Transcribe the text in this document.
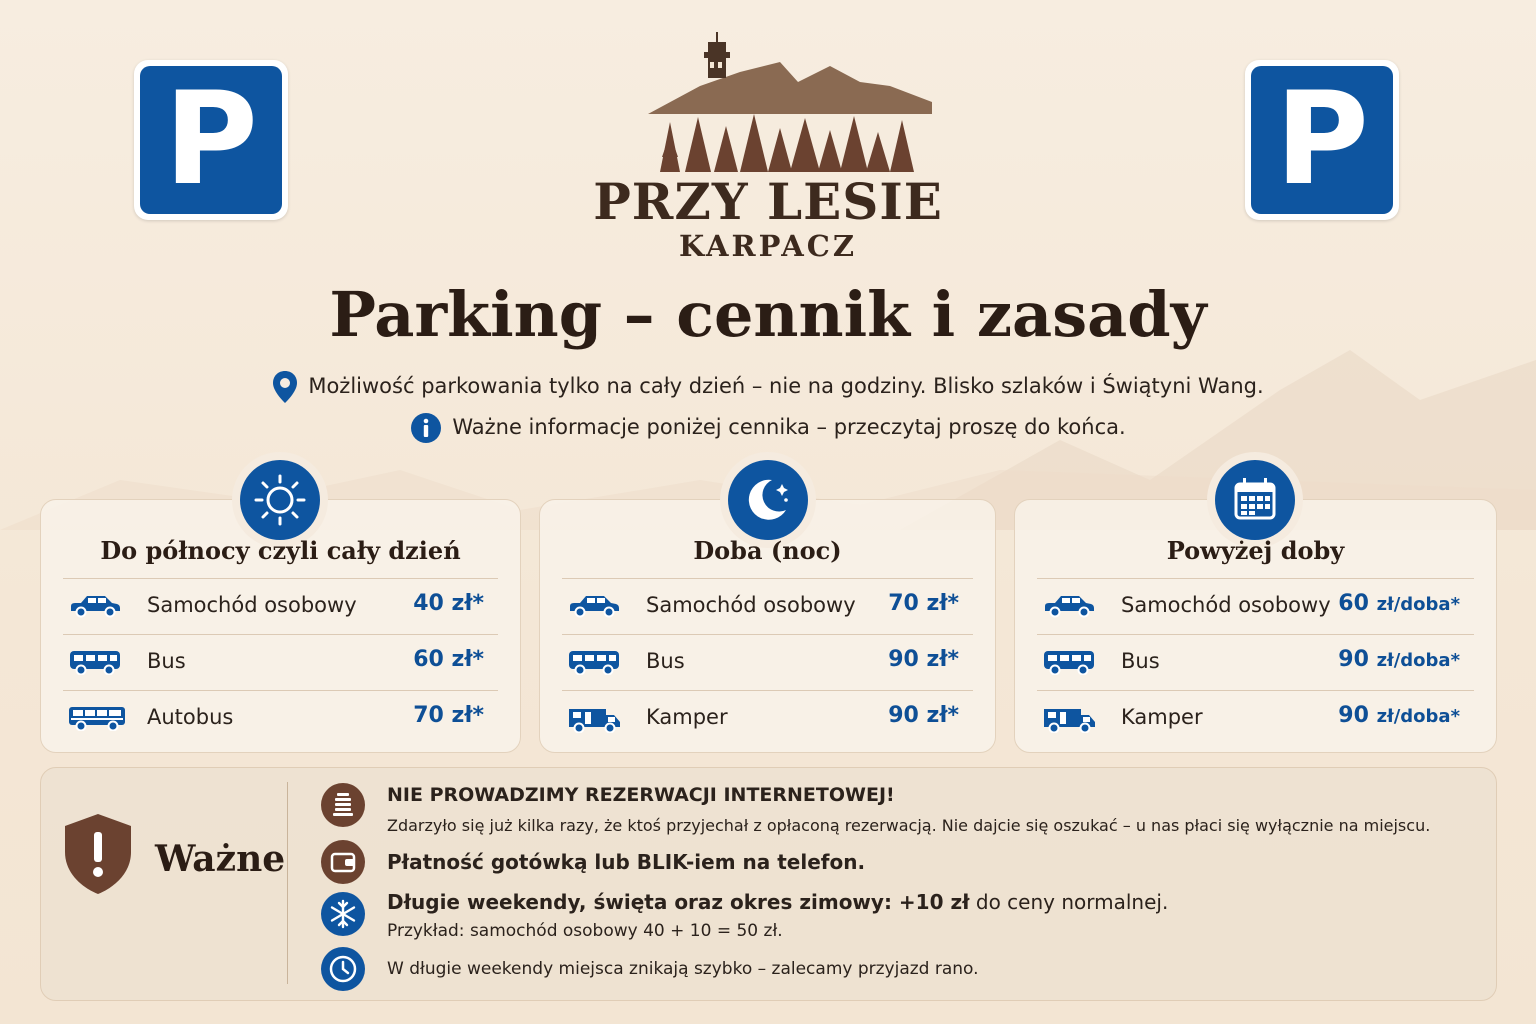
P	P
PRZY LESIE
KARPACZ
Parking – cennik i zasady
Możliwość parkowania tylko na cały dzień – nie na godziny. Blisko szlaków i Świątyni Wang.
Ważne informacje poniżej cennika – przeczytaj proszę do końca.
Do północy czyli cały dzień
Samochód osobowy	40 zł*
Bus	60 zł*
Autobus	70 zł*
Doba (noc)
Samochód osobowy 70 zł*
Bus	90 zł*
Kamper	90 zł*
Powyżej doby
Samochód osobowy 60 zł/doba*
Bus	90 zł/doba*
Kamper	90 zł/doba*
Ważne
NIE PROWADZIMY REZERWACJI INTERNETOWEJ!
Zdarzyło się już kilka razy, że ktoś przyjechał z opłaconą rezerwacją. Nie dajcie się oszukać – u nas płaci się wyłącznie na miejscu.
Płatność gotówką lub BLIK-iem na telefon.
Długie weekendy, święta oraz okres zimowy: +10 zł do ceny normalnej.
Przykład: samochód osobowy 40 + 10 = 50 zł.
W długie weekendy miejsca znikają szybko – zalecamy przyjazd rano.
